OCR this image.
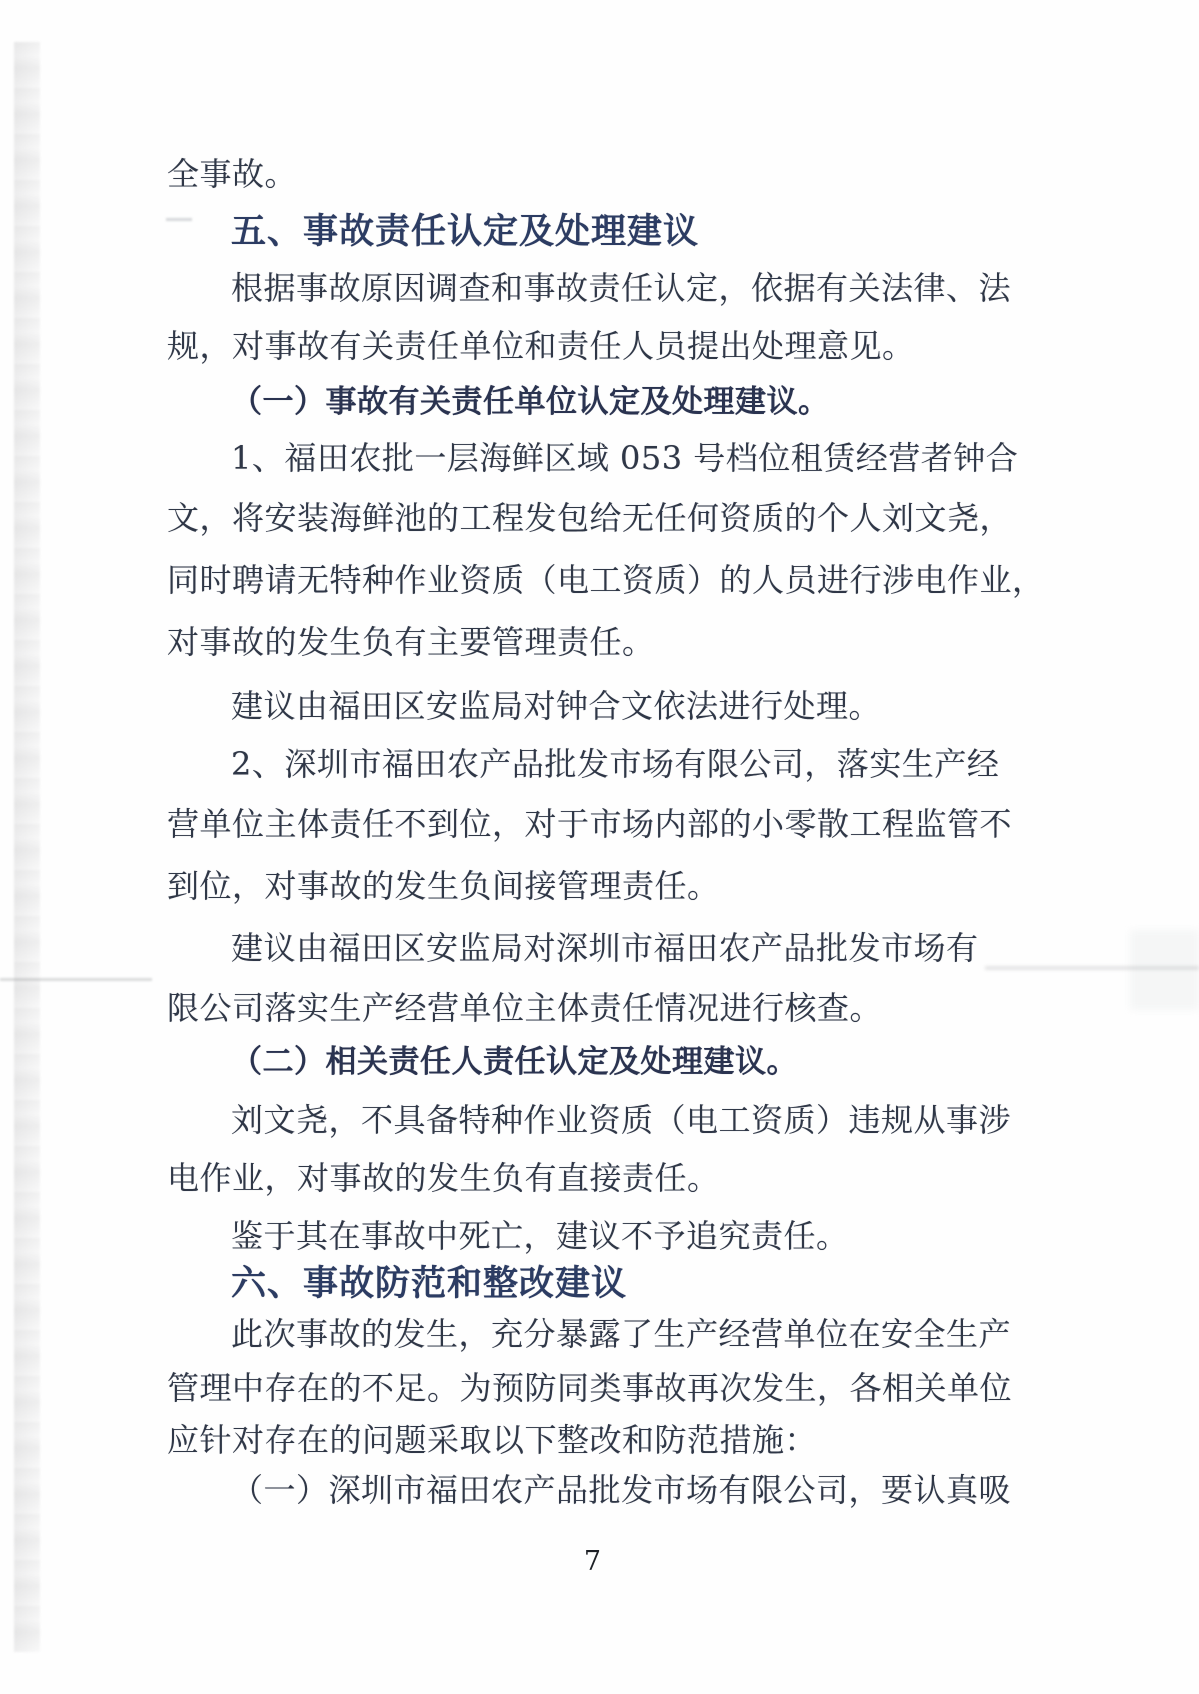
全事故。
五、事故责任认定及处理建议
根据事故原因调查和事故责任认定，依据有关法律、法
规，对事故有关责任单位和责任人员提出处理意见。
（一）事故有关责任单位认定及处理建议。
1、福田农批一层海鲜区域 053 号档位租赁经营者钟合
文，将安装海鲜池的工程发包给无任何资质的个人刘文尧，
同时聘请无特种作业资质（电工资质）的人员进行涉电作业，
对事故的发生负有主要管理责任。
建议由福田区安监局对钟合文依法进行处理。
2、深圳市福田农产品批发市场有限公司，落实生产经
营单位主体责任不到位，对于市场内部的小零散工程监管不
到位，对事故的发生负间接管理责任。
建议由福田区安监局对深圳市福田农产品批发市场有
限公司落实生产经营单位主体责任情况进行核查。
（二）相关责任人责任认定及处理建议。
刘文尧，不具备特种作业资质（电工资质）违规从事涉
电作业，对事故的发生负有直接责任。
鉴于其在事故中死亡，建议不予追究责任。
六、事故防范和整改建议
此次事故的发生，充分暴露了生产经营单位在安全生产
管理中存在的不足。为预防同类事故再次发生，各相关单位
应针对存在的问题采取以下整改和防范措施：
（一）深圳市福田农产品批发市场有限公司，要认真吸
7
